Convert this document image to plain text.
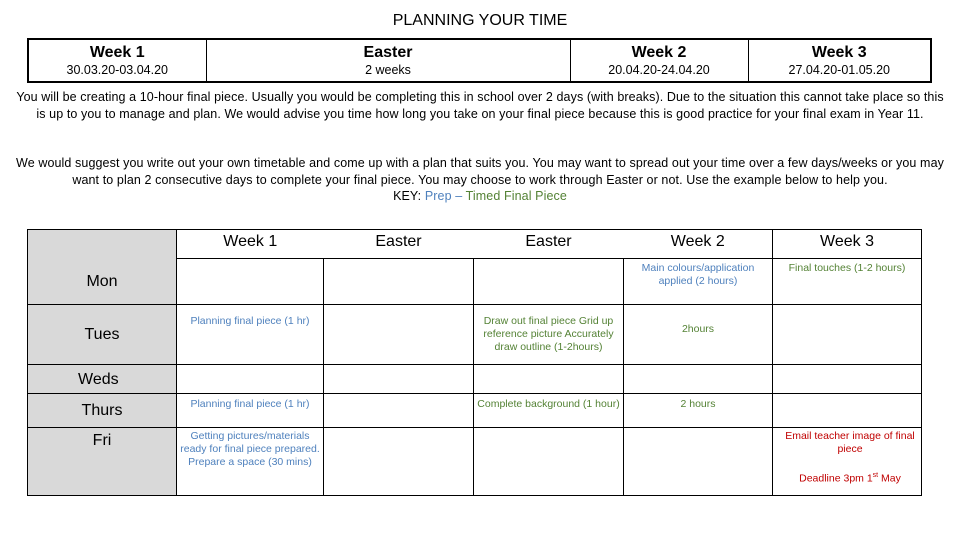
PLANNING YOUR TIME
Week 1	Easter	Week 2	Week 3
30.03.20-03.04.20	2 weeks	20.04.20-24.04.20	27.04.20-01.05.20
You will be creating a 10-hour final piece. Usually you would be completing this in school over 2 days (with breaks). Due to the situation this cannot take place so this is up to you to manage and plan. We would advise you time how long you take on your final piece because this is good practice for your final exam in Year 11.
We would suggest you write out your own timetable and come up with a plan that suits you. You may want to spread out your time over a few days/weeks or you may want to plan 2 consecutive days to complete your final piece. You may choose to work through Easter or not. Use the example below to help you.
KEY: Prep – Timed Final Piece
	Week 1	Easter	Easter	Week 2	Week 3
Mon				Main colours/application applied (2 hours)	Final touches (1-2 hours)
Tues	Planning final piece (1 hr)		Draw out final piece Grid up reference picture Accurately draw outline (1-2hours)	2hours	
Weds					
Thurs	Planning final piece (1 hr)		Complete background (1 hour)	2 hours	
Fri	Getting pictures/materials ready for final piece prepared. Prepare a space (30 mins)				Email teacher image of final piece
Deadline 3pm 1st May
